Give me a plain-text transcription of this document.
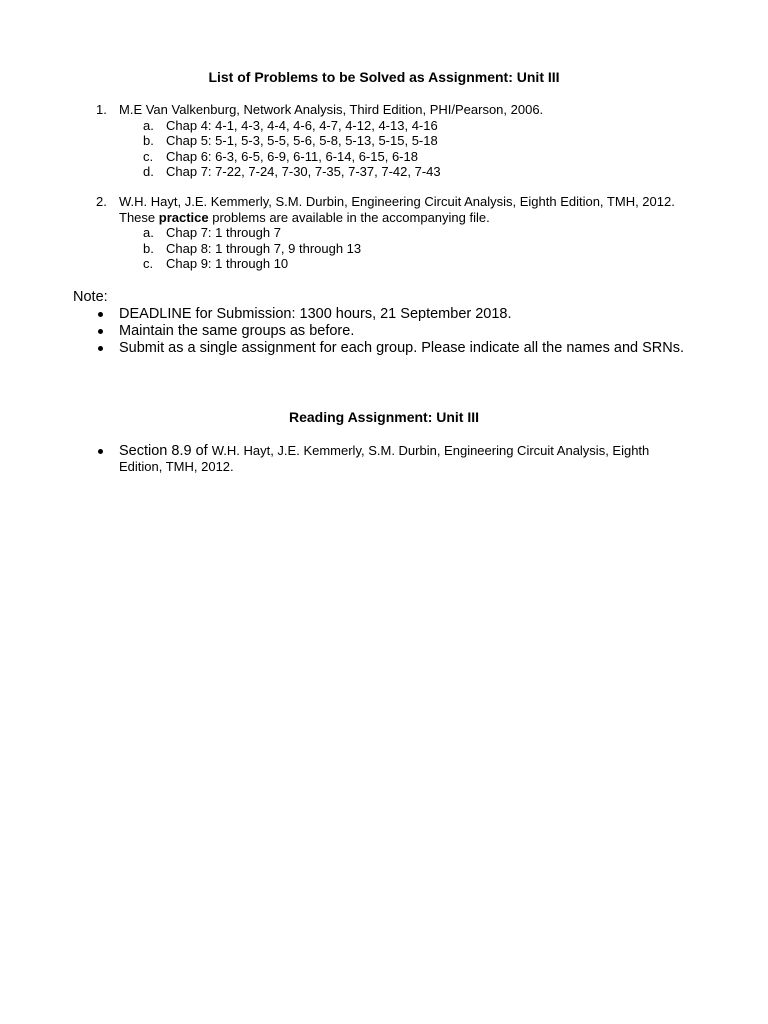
List of Problems to be Solved as Assignment: Unit III
1. M.E Van Valkenburg, Network Analysis, Third Edition, PHI/Pearson, 2006.
a. Chap 4: 4-1, 4-3, 4-4, 4-6, 4-7, 4-12, 4-13, 4-16
b. Chap 5: 5-1, 5-3, 5-5, 5-6, 5-8, 5-13, 5-15, 5-18
c. Chap 6: 6-3, 6-5, 6-9, 6-11, 6-14, 6-15, 6-18
d. Chap 7: 7-22, 7-24, 7-30, 7-35, 7-37, 7-42, 7-43
2. W.H. Hayt, J.E. Kemmerly, S.M. Durbin, Engineering Circuit Analysis, Eighth Edition, TMH, 2012. These practice problems are available in the accompanying file.
a. Chap 7: 1 through 7
b. Chap 8: 1 through 7, 9 through 13
c. Chap 9: 1 through 10
Note:
DEADLINE for Submission: 1300 hours, 21 September 2018.
Maintain the same groups as before.
Submit as a single assignment for each group. Please indicate all the names and SRNs.
Reading Assignment: Unit III
Section 8.9 of W.H. Hayt, J.E. Kemmerly, S.M. Durbin, Engineering Circuit Analysis, Eighth Edition, TMH, 2012.
